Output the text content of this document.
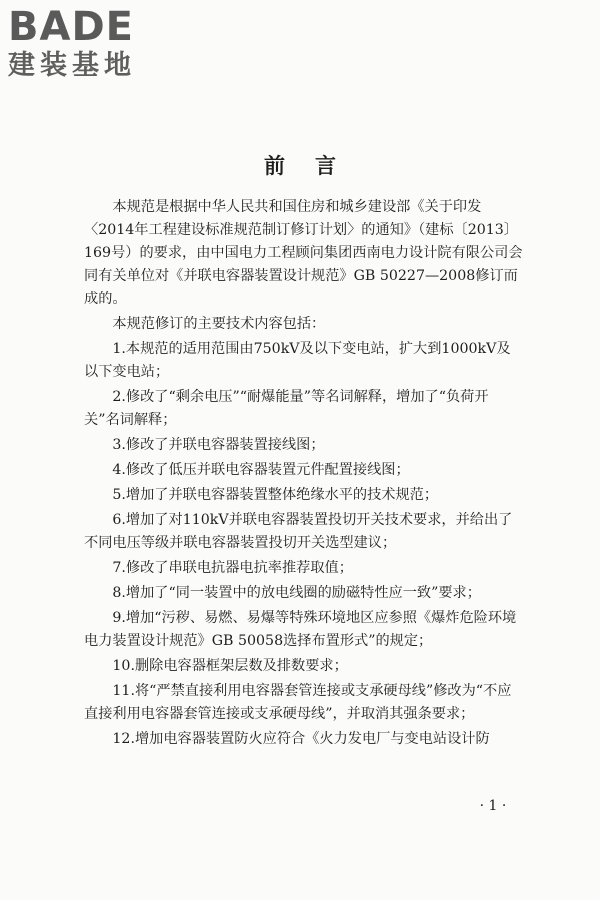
BADE
建装基地
前言

本规范是根据中华人民共和国住房和城乡建设部《关于印发〈2014年工程建设标准规范制订修订计划〉的通知》（建标〔2013〕169号）的要求，由中国电力工程顾问集团西南电力设计院有限公司会同有关单位对《并联电容器装置设计规范》GB 50227—2008修订而成的。

本规范修订的主要技术内容包括：

1.本规范的适用范围由750kV及以下变电站，扩大到1000kV及以下变电站；

2.修改了“剩余电压”“耐爆能量”等名词解释，增加了“负荷开关”名词解释；

3.修改了并联电容器装置接线图；

4.修改了低压并联电容器装置元件配置接线图；

5.增加了并联电容器装置整体绝缘水平的技术规范；

6.增加了对110kV并联电容器装置投切开关技术要求，并给出了不同电压等级并联电容器装置投切开关选型建议；

7.修改了串联电抗器电抗率推荐取值；

8.增加了“同一装置中的放电线圈的励磁特性应一致”要求；

9.增加“污秽、易燃、易爆等特殊环境地区应参照《爆炸危险环境电力装置设计规范》GB 50058选择布置形式”的规定；

10.删除电容器框架层数及排数要求；

11.将“严禁直接利用电容器套管连接或支承硬母线”修改为“不应直接利用电容器套管连接或支承硬母线”，并取消其强条要求；

12.增加电容器装置防火应符合《火力发电厂与变电站设计防

· 1 ·
